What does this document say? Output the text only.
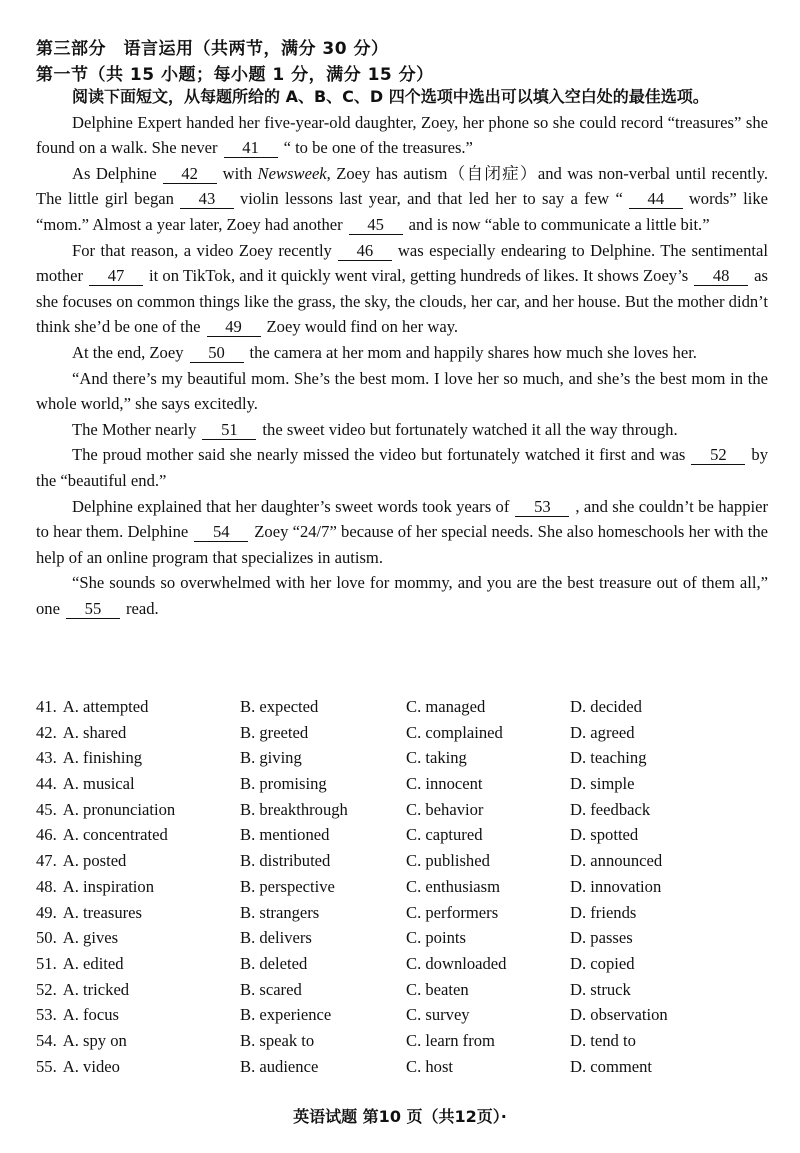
第三部分　语言运用（共两节，满分 30 分）
第一节（共 15 小题；每小题 1 分，满分 15 分）

阅读下面短文，从每题所给的 A、B、C、D 四个选项中选出可以填入空白处的最佳选项。

Delphine Expert handed her five-year-old daughter, Zoey, her phone so she could record “treasures” she found on a walk. She never 41 “ to be one of the treasures.”

As Delphine 42 with Newsweek, Zoey has autism（自闭症）and was non-verbal until recently. The little girl began 43 violin lessons last year, and that led her to say a few “ 44 words” like “mom.” Almost a year later, Zoey had another 45 and is now “able to communicate a little bit.”

For that reason, a video Zoey recently 46 was especially endearing to Delphine. The sentimental mother 47 it on TikTok, and it quickly went viral, getting hundreds of likes. It shows Zoey’s 48 as she focuses on common things like the grass, the sky, the clouds, her car, and her house. But the mother didn’t think she’d be one of the 49 Zoey would find on her way.

At the end, Zoey 50 the camera at her mom and happily shares how much she loves her.

“And there’s my beautiful mom. She’s the best mom. I love her so much, and she’s the best mom in the whole world,” she says excitedly.

The Mother nearly 51 the sweet video but fortunately watched it all the way through.

The proud mother said she nearly missed the video but fortunately watched it first and was 52 by the “beautiful end.”

Delphine explained that her daughter’s sweet words took years of 53 , and she couldn’t be happier to hear them. Delphine 54 Zoey “24/7” because of her special needs. She also homeschools her with the help of an online program that specializes in autism.

“She sounds so overwhelmed with her love for mommy, and you are the best treasure out of them all,” one 55 read.

41. A. attempted	B. expected	C. managed	D. decided
42. A. shared	B. greeted	C. complained	D. agreed
43. A. finishing	B. giving	C. taking	D. teaching
44. A. musical	B. promising	C. innocent	D. simple
45. A. pronunciation	B. breakthrough	C. behavior	D. feedback
46. A. concentrated	B. mentioned	C. captured	D. spotted
47. A. posted	B. distributed	C. published	D. announced
48. A. inspiration	B. perspective	C. enthusiasm	D. innovation
49. A. treasures	B. strangers	C. performers	D. friends
50. A. gives	B. delivers	C. points	D. passes
51. A. edited	B. deleted	C. downloaded	D. copied
52. A. tricked	B. scared	C. beaten	D. struck
53. A. focus	B. experience	C. survey	D. observation
54. A. spy on	B. speak to	C. learn from	D. tend to
55. A. video	B. audience	C. host	D. comment
英语试题 第10 页（共12页）·
